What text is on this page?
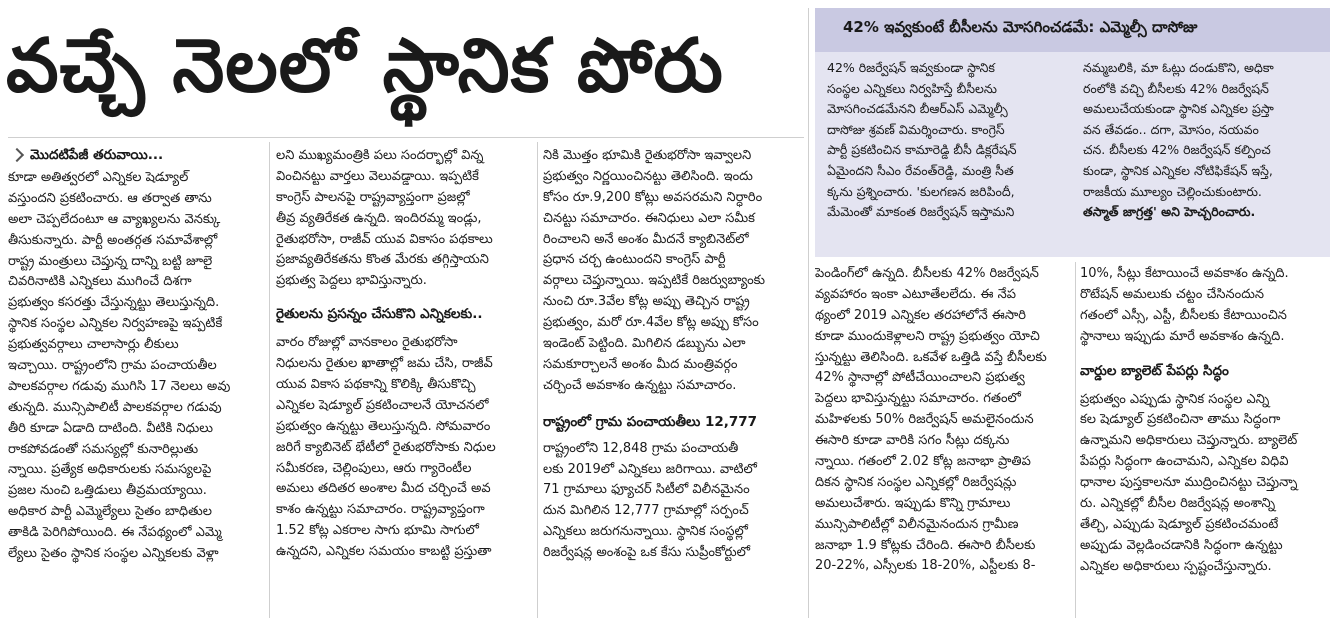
వచ్చే నెలలో స్థానిక పోరు	42% ఇవ్వకుంటే బీసీలను మోసగించడమే: ఎమ్మెల్సీ దాసోజు
42% రిజర్వేషన్ ఇవ్వకుండా స్థానిక
సంస్థల ఎన్నికలు నిర్వహిస్తే బీసీలను
మోసగించడమేనని బీఆర్ఎస్ ఎమ్మెల్సీ
దాసోజు శ్రవణ్ విమర్శించారు. కాంగ్రెస్
పార్టీ ప్రకటించిన కామారెడ్డి బీసీ డిక్లరేషన్
ఏమైందని సీఎం రేవంత్‌రెడ్డి, మంత్రి సీత
క్కను ప్రశ్నించారు. 'కులగణన జరిపిందీ,
మేమెంతో మాకంత రిజర్వేషన్ ఇస్తామని
నమ్మబలికి, మా ఓట్లు దండుకొని, అధికా
రంలోకి వచ్చి బీసీలకు 42% రిజర్వేషన్
అమలుచేయకుండా స్థానిక ఎన్నికల ప్రస్తా
వన తేవడం.. దగా, మోసం, నయవం
చన. బీసీలకు 42% రిజర్వేషన్ కల్పించ
కుండా, స్థానిక ఎన్నికల నోటిఫికేషన్ ఇస్తే,
రాజకీయ మూల్యం చెల్లించుకుంటారు.
తస్మాత్ జాగ్రత్త' అని హెచ్చరించారు.
మొదటిపేజీ తరువాయి...
కూడా అతిత్వరలో ఎన్నికల షెడ్యూల్
వస్తుందని ప్రకటించారు. ఆ తర్వాత తాను
అలా చెప్పలేదంటూ ఆ వ్యాఖ్యలను వెనక్కు
తీసుకున్నారు. పార్టీ అంతర్గత సమావేశాల్లో
రాష్ట్ర మంత్రులు చెప్తున్న దాన్ని బట్టి జూలై
చివరినాటికి ఎన్నికలు ముగించే దిశగా
ప్రభుత్వం కసరత్తు చేస్తున్నట్టు తెలుస్తున్నది.
స్థానిక సంస్థల ఎన్నికల నిర్వహణపై ఇప్పటికే
ప్రభుత్వవర్గాలు చాలాసార్లు లీకులు
ఇచ్చాయి. రాష్ట్రంలోని గ్రామ పంచాయతీల
పాలకవర్గాల గడువు ముగిసి 17 నెలలు అవు
తున్నది. మున్సిపాలిటీ పాలకవర్గాల గడువు
తీరి కూడా ఏడాది దాటింది. వీటికి నిధులు
రాకపోవడంతో సమస్యల్లో కునారిల్లుతు
న్నాయి. ప్రత్యేక అధికారులకు సమస్యలపై
ప్రజల నుంచి ఒత్తిడులు తీవ్రమయ్యాయి.
అధికార పార్టీ ఎమ్మెల్యేలు సైతం బాధితుల
తాకిడి పెరిగిపోయింది. ఈ నేపథ్యంలో ఎమ్మె
ల్యేలు సైతం స్థానిక సంస్థల ఎన్నికలకు వెళ్లా
లని ముఖ్యమంత్రికి పలు సందర్భాల్లో విన్న
వించినట్టు వార్తలు వెలువడ్డాయి. ఇప్పటికే
కాంగ్రెస్ పాలనపై రాష్ట్రవ్యాప్తంగా ప్రజల్లో
తీవ్ర వ్యతిరేకత ఉన్నది. ఇందిరమ్మ ఇండ్లు,
రైతుభరోసా, రాజీవ్ యువ వికాసం పథకాలు
ప్రజావ్యతిరేకతను కొంత మేరకు తగ్గిస్తాయని
ప్రభుత్వ పెద్దలు భావిస్తున్నారు.
రైతులను ప్రసన్నం చేసుకొని ఎన్నికలకు..
వారం రోజుల్లో వానకాలం రైతుభరోసా
నిధులను రైతుల ఖాతాల్లో జమ చేసి, రాజీవ్
యువ వికాస పథకాన్ని కొలిక్కి తీసుకొచ్చి
ఎన్నికల షెడ్యూల్ ప్రకటించాలనే యోచనలో
ప్రభుత్వం ఉన్నట్టు తెలుస్తున్నది. సోమవారం
జరిగే క్యాబినెట్ భేటీలో రైతుభరోసాకు నిధుల
సమీకరణ, చెల్లింపులు, ఆరు గ్యారెంటీల
అమలు తదితర అంశాల మీద చర్చించే అవ
కాశం ఉన్నట్టు సమాచారం. రాష్ట్రవ్యాప్తంగా
1.52 కోట్ల ఎకరాల సాగు భూమి సాగులో
ఉన్నదని, ఎన్నికల సమయం కాబట్టి ప్రస్తుతా
నికి మొత్తం భూమికి రైతుభరోసా ఇవ్వాలని
ప్రభుత్వం నిర్ణయించినట్టు తెలిసింది. ఇందు
కోసం రూ.9,200 కోట్లు అవసరమని నిర్ధారిం
చినట్టు సమాచారం. ఈనిధులు ఎలా సమీక
రించాలని అనే అంశం మీదనే క్యాబినెట్‌లో
ప్రధాన చర్చ ఉంటుందని కాంగ్రెస్ పార్టీ
వర్గాలు చెప్తున్నాయి. ఇప్పటికే రిజర్వుబ్యాంకు
నుంచి రూ.3వేల కోట్ల అప్పు తెచ్చిన రాష్ట్ర
ప్రభుత్వం, మరో రూ.4వేల కోట్ల అప్పు కోసం
ఇండెంట్ పెట్టింది. మిగిలిన డబ్బును ఎలా
సమకూర్చాలనే అంశం మీద మంత్రివర్గం
చర్చించే అవకాశం ఉన్నట్టు సమాచారం.
రాష్ట్రంలో గ్రామ పంచాయతీలు 12,777
రాష్ట్రంలోని 12,848 గ్రామ పంచాయతీ
లకు 2019లో ఎన్నికలు జరిగాయి. వాటిలో
71 గ్రామాలు ఫ్యూచర్ సిటీలో విలీనమైనం
దున మిగిలిన 12,777 గ్రామాల్లో సర్పంచ్
ఎన్నికలు జరుగనున్నాయి. స్థానిక సంస్థల్లో
రిజర్వేషన్ల అంశంపై ఒక కేసు సుప్రీంకోర్టులో
పెండింగ్‌లో ఉన్నది. బీసీలకు 42% రిజర్వేషన్
వ్యవహారం ఇంకా ఎటూతేలలేదు. ఈ నేప
థ్యంలో 2019 ఎన్నికల తరహాలోనే ఈసారి
కూడా ముందుకెళ్లాలని రాష్ట్ర ప్రభుత్వం యోచి
స్తున్నట్టు తెలిసింది. ఒకవేళ ఒత్తిడి వస్తే బీసీలకు
42% స్థానాల్లో పోటీచేయించాలని ప్రభుత్వ
పెద్దలు భావిస్తున్నట్టు సమాచారం. గతంలో
మహిళలకు 50% రిజర్వేషన్ అమలైనందున
ఈసారి కూడా వారికి సగం సీట్లు దక్కను
న్నాయి. గతంలో 2.02 కోట్ల జనాభా ప్రాతిప
దికన స్థానిక సంస్థల ఎన్నికల్లో రిజర్వేషన్లు
అమలుచేశారు. ఇప్పుడు కొన్ని గ్రామాలు
మున్సిపాలిటీల్లో విలీనమైనందున గ్రామీణ
జనాభా 1.9 కోట్లకు చేరింది. ఈసారి బీసీలకు
20-22%, ఎస్సీలకు 18-20%, ఎస్టీలకు 8-
10%, సీట్లు కేటాయించే అవకాశం ఉన్నది.
రొటేషన్ అమలుకు చట్టం చేసినందున
గతంలో ఎస్సీ, ఎస్టీ, బీసీలకు కేటాయించిన
స్థానాలు ఇప్పుడు మారే అవకాశం ఉన్నది.
వార్డుల బ్యాలెట్ పేపర్లు సిద్ధం
ప్రభుత్వం ఎప్పుడు స్థానిక సంస్థల ఎన్ని
కల షెడ్యూల్ ప్రకటించినా తాము సిద్ధంగా
ఉన్నామని అధికారులు చెప్తున్నారు. బ్యాలెట్
పేపర్లు సిద్ధంగా ఉంచామని, ఎన్నికల విధివి
ధానాల పుస్తకాలనూ ముద్రించినట్టు చెప్తున్నా
రు. ఎన్నికల్లో బీసీల రిజర్వేషన్ల అంశాన్ని
తేల్చి, ఎప్పుడు షెడ్యూల్ ప్రకటించమంటే
అప్పుడు వెల్లడించడానికి సిద్ధంగా ఉన్నట్టు
ఎన్నికల అధికారులు స్పష్టంచేస్తున్నారు.
